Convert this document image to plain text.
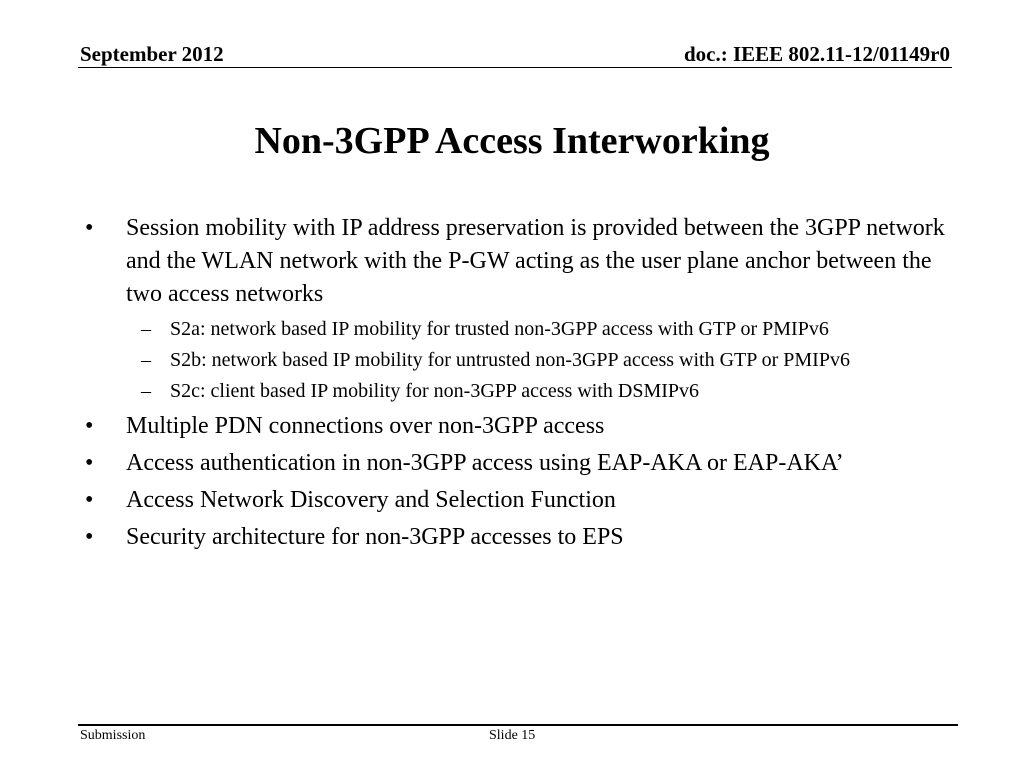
September 2012	doc.: IEEE 802.11-12/01149r0
Non-3GPP Access Interworking
•	Session mobility with IP address preservation is provided between the 3GPP network and the WLAN network with the P-GW acting as the user plane anchor between the two access networks
– S2a: network based IP mobility for trusted non-3GPP access with GTP or PMIPv6
– S2b: network based IP mobility for untrusted non-3GPP access with GTP or PMIPv6
– S2c: client based IP mobility for non-3GPP access with DSMIPv6
•	Multiple PDN connections over non-3GPP access
•	Access authentication in non-3GPP access using EAP-AKA or EAP-AKA’
•	Access Network Discovery and Selection Function
•	Security architecture for non-3GPP accesses to EPS
Submission	Slide 15
